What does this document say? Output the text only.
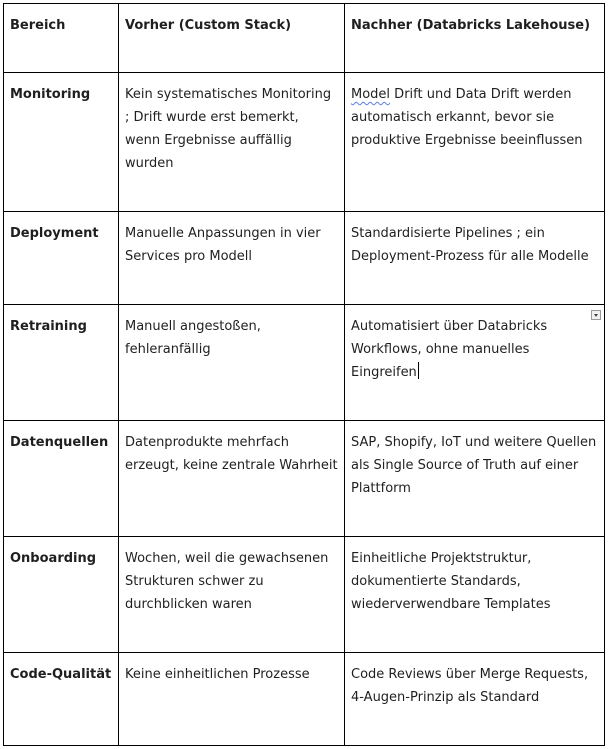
Bereich	Vorher (Custom Stack)	Nachher (Databricks Lakehouse)
Monitoring	Kein systematisches Monitoring ; Drift wurde erst bemerkt, wenn Ergebnisse auffällig wurden	Model Drift und Data Drift werden automatisch erkannt, bevor sie produktive Ergebnisse beeinflussen
Deployment	Manuelle Anpassungen in vier Services pro Modell	Standardisierte Pipelines ; ein Deployment-Prozess für alle Modelle
Retraining	Manuell angestoßen, fehleranfällig	Automatisiert über Databricks Workflows, ohne manuelles Eingreifen

Datenquellen	Datenprodukte mehrfach erzeugt, keine zentrale Wahrheit	SAP, Shopify, IoT und weitere Quellen als Single Source of Truth auf einer Plattform
Onboarding	Wochen, weil die gewachsenen Strukturen schwer zu durchblicken waren	Einheitliche Projektstruktur, dokumentierte Standards, wiederverwendbare Templates
Code-Qualität	Keine einheitlichen Prozesse	Code Reviews über Merge Requests, 4-Augen-Prinzip als Standard
